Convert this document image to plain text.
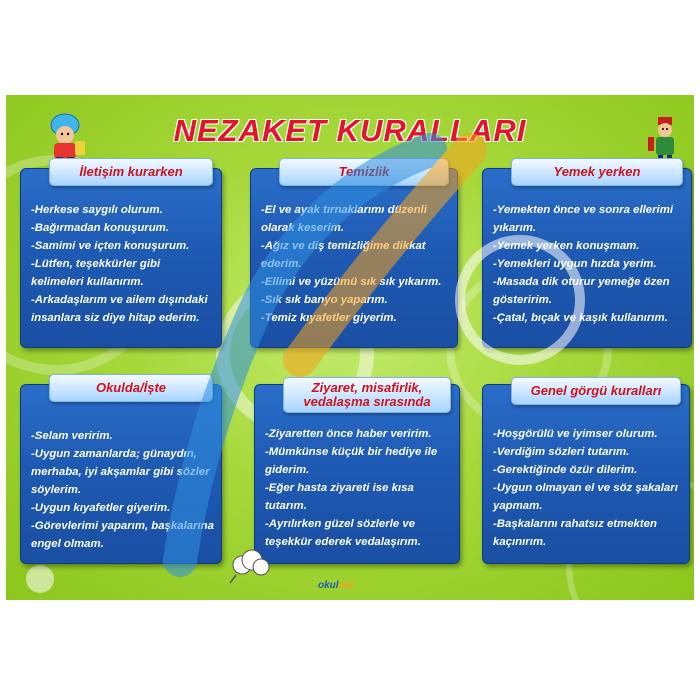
NEZAKET KURALLARI
İletişim kurarken
-Herkese saygılı olurum.
-Bağırmadan konuşurum.
-Samimi ve içten konuşurum.
-Lütfen, teşekkürler gibi kelimeleri kullanırım.
-Arkadaşlarım ve ailem dışındaki insanlara siz diye hitap ederim.
Temizlik
-El ve ayak tırnaklarımı düzenli olarak keserim.
-Ağız ve diş temizliğime dikkat ederim.
-Ellimi ve yüzümü sık sık yıkarım.
-Sık sık banyo yaparım.
-Temiz kıyafetler giyerim.
Yemek yerken
-Yemekten önce ve sonra ellerimi yıkarım.
-Yemek yerken konuşmam.
-Yemekleri uygun hızda yerim.
-Masada dik oturur yemeğe özen gösteririm.
-Çatal, bıçak ve kaşık kullanırım.
Okulda/İşte
-Selam veririm.
-Uygun zamanlarda; günaydın, merhaba, iyi akşamlar gibi sözler söylerim.
-Uygun kıyafetler giyerim.
-Görevlerimi yaparım, başkalarına engel olmam.
Ziyaret, misafirlik, vedalaşma sırasında
-Ziyaretten önce haber veririm.
-Mümkünse küçük bir hediye ile giderim.
-Eğer hasta ziyareti ise kısa tutarım.
-Ayrılırken güzel sözlerle ve teşekkür ederek vedalaşırım.
Genel görgü kuralları
-Hoşgörülü ve iyimser olurum.
-Verdiğim sözleri tutarım.
-Gerektiğinde özür dilerim.
-Uygun olmayan el ve söz şakaları yapmam.
-Başkalarını rahatsız etmekten kaçınırım.
okulnet
